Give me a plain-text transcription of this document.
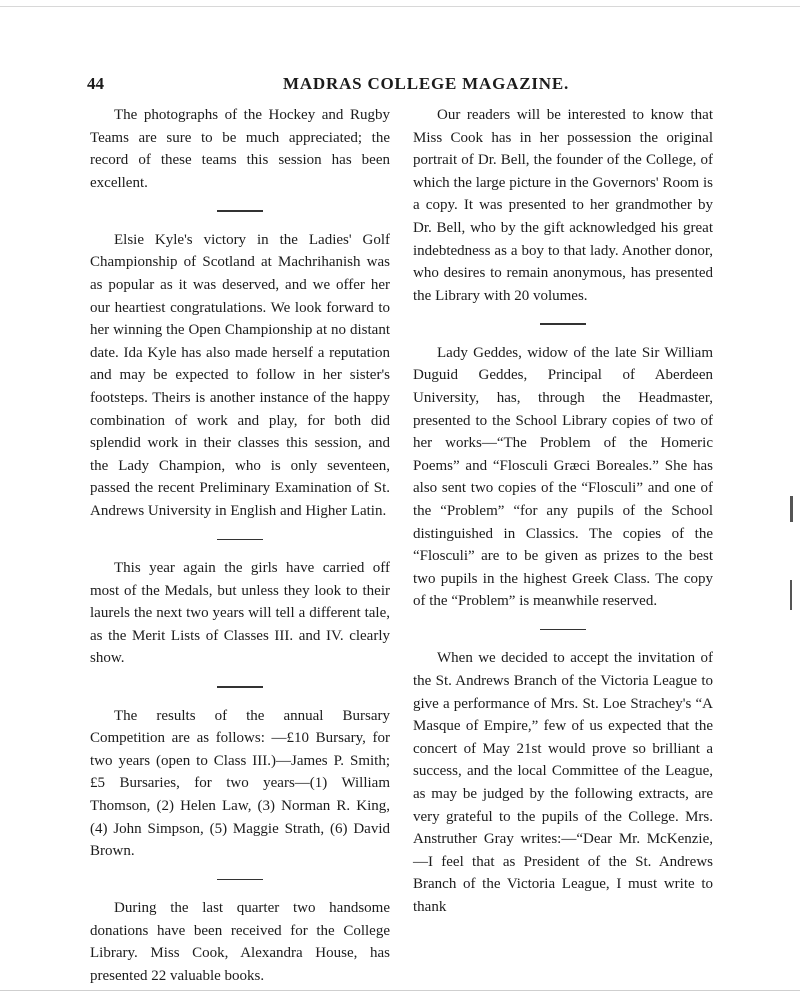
44	MADRAS COLLEGE MAGAZINE.

The photographs of the Hockey and Rugby Teams are sure to be much appreciated; the record of these teams this session has been excellent.

Elsie Kyle's victory in the Ladies' Golf Championship of Scotland at Machrihanish was as popular as it was deserved, and we offer her our heartiest congratulations. We look forward to her winning the Open Championship at no distant date. Ida Kyle has also made herself a reputation and may be expected to follow in her sister's footsteps. Theirs is another instance of the happy combination of work and play, for both did splendid work in their classes this session, and the Lady Champion, who is only seventeen, passed the recent Preliminary Examination of St. Andrews University in English and Higher Latin.

This year again the girls have carried off most of the Medals, but unless they look to their laurels the next two years will tell a different tale, as the Merit Lists of Classes III. and IV. clearly show.

The results of the annual Bursary Competition are as follows: —£10 Bursary, for two years (open to Class III.)—James P. Smith; £5 Bursaries, for two years—(1) William Thomson, (2) Helen Law, (3) Norman R. King, (4) John Simpson, (5) Maggie Strath, (6) David Brown.

During the last quarter two handsome donations have been received for the College Library. Miss Cook, Alexandra House, has presented 22 valuable books.

Our readers will be interested to know that Miss Cook has in her possession the original portrait of Dr. Bell, the founder of the College, of which the large picture in the Governors' Room is a copy. It was presented to her grandmother by Dr. Bell, who by the gift acknowledged his great indebtedness as a boy to that lady. Another donor, who desires to remain anonymous, has presented the Library with 20 volumes.

Lady Geddes, widow of the late Sir William Duguid Geddes, Principal of Aberdeen University, has, through the Headmaster, presented to the School Library copies of two of her works—“The Problem of the Homeric Poems” and “Flosculi Græci Boreales.” She has also sent two copies of the “Flosculi” and one of the “Problem” “for any pupils of the School distinguished in Classics. The copies of the “Flosculi” are to be given as prizes to the best two pupils in the highest Greek Class. The copy of the “Problem” is meanwhile reserved.

When we decided to accept the invitation of the St. Andrews Branch of the Victoria League to give a performance of Mrs. St. Loe Strachey's “A Masque of Empire,” few of us expected that the concert of May 21st would prove so brilliant a success, and the local Committee of the League, as may be judged by the following extracts, are very grateful to the pupils of the College. Mrs. Anstruther Gray writes:—“Dear Mr. McKenzie,—I feel that as President of the St. Andrews Branch of the Victoria League, I must write to thank
